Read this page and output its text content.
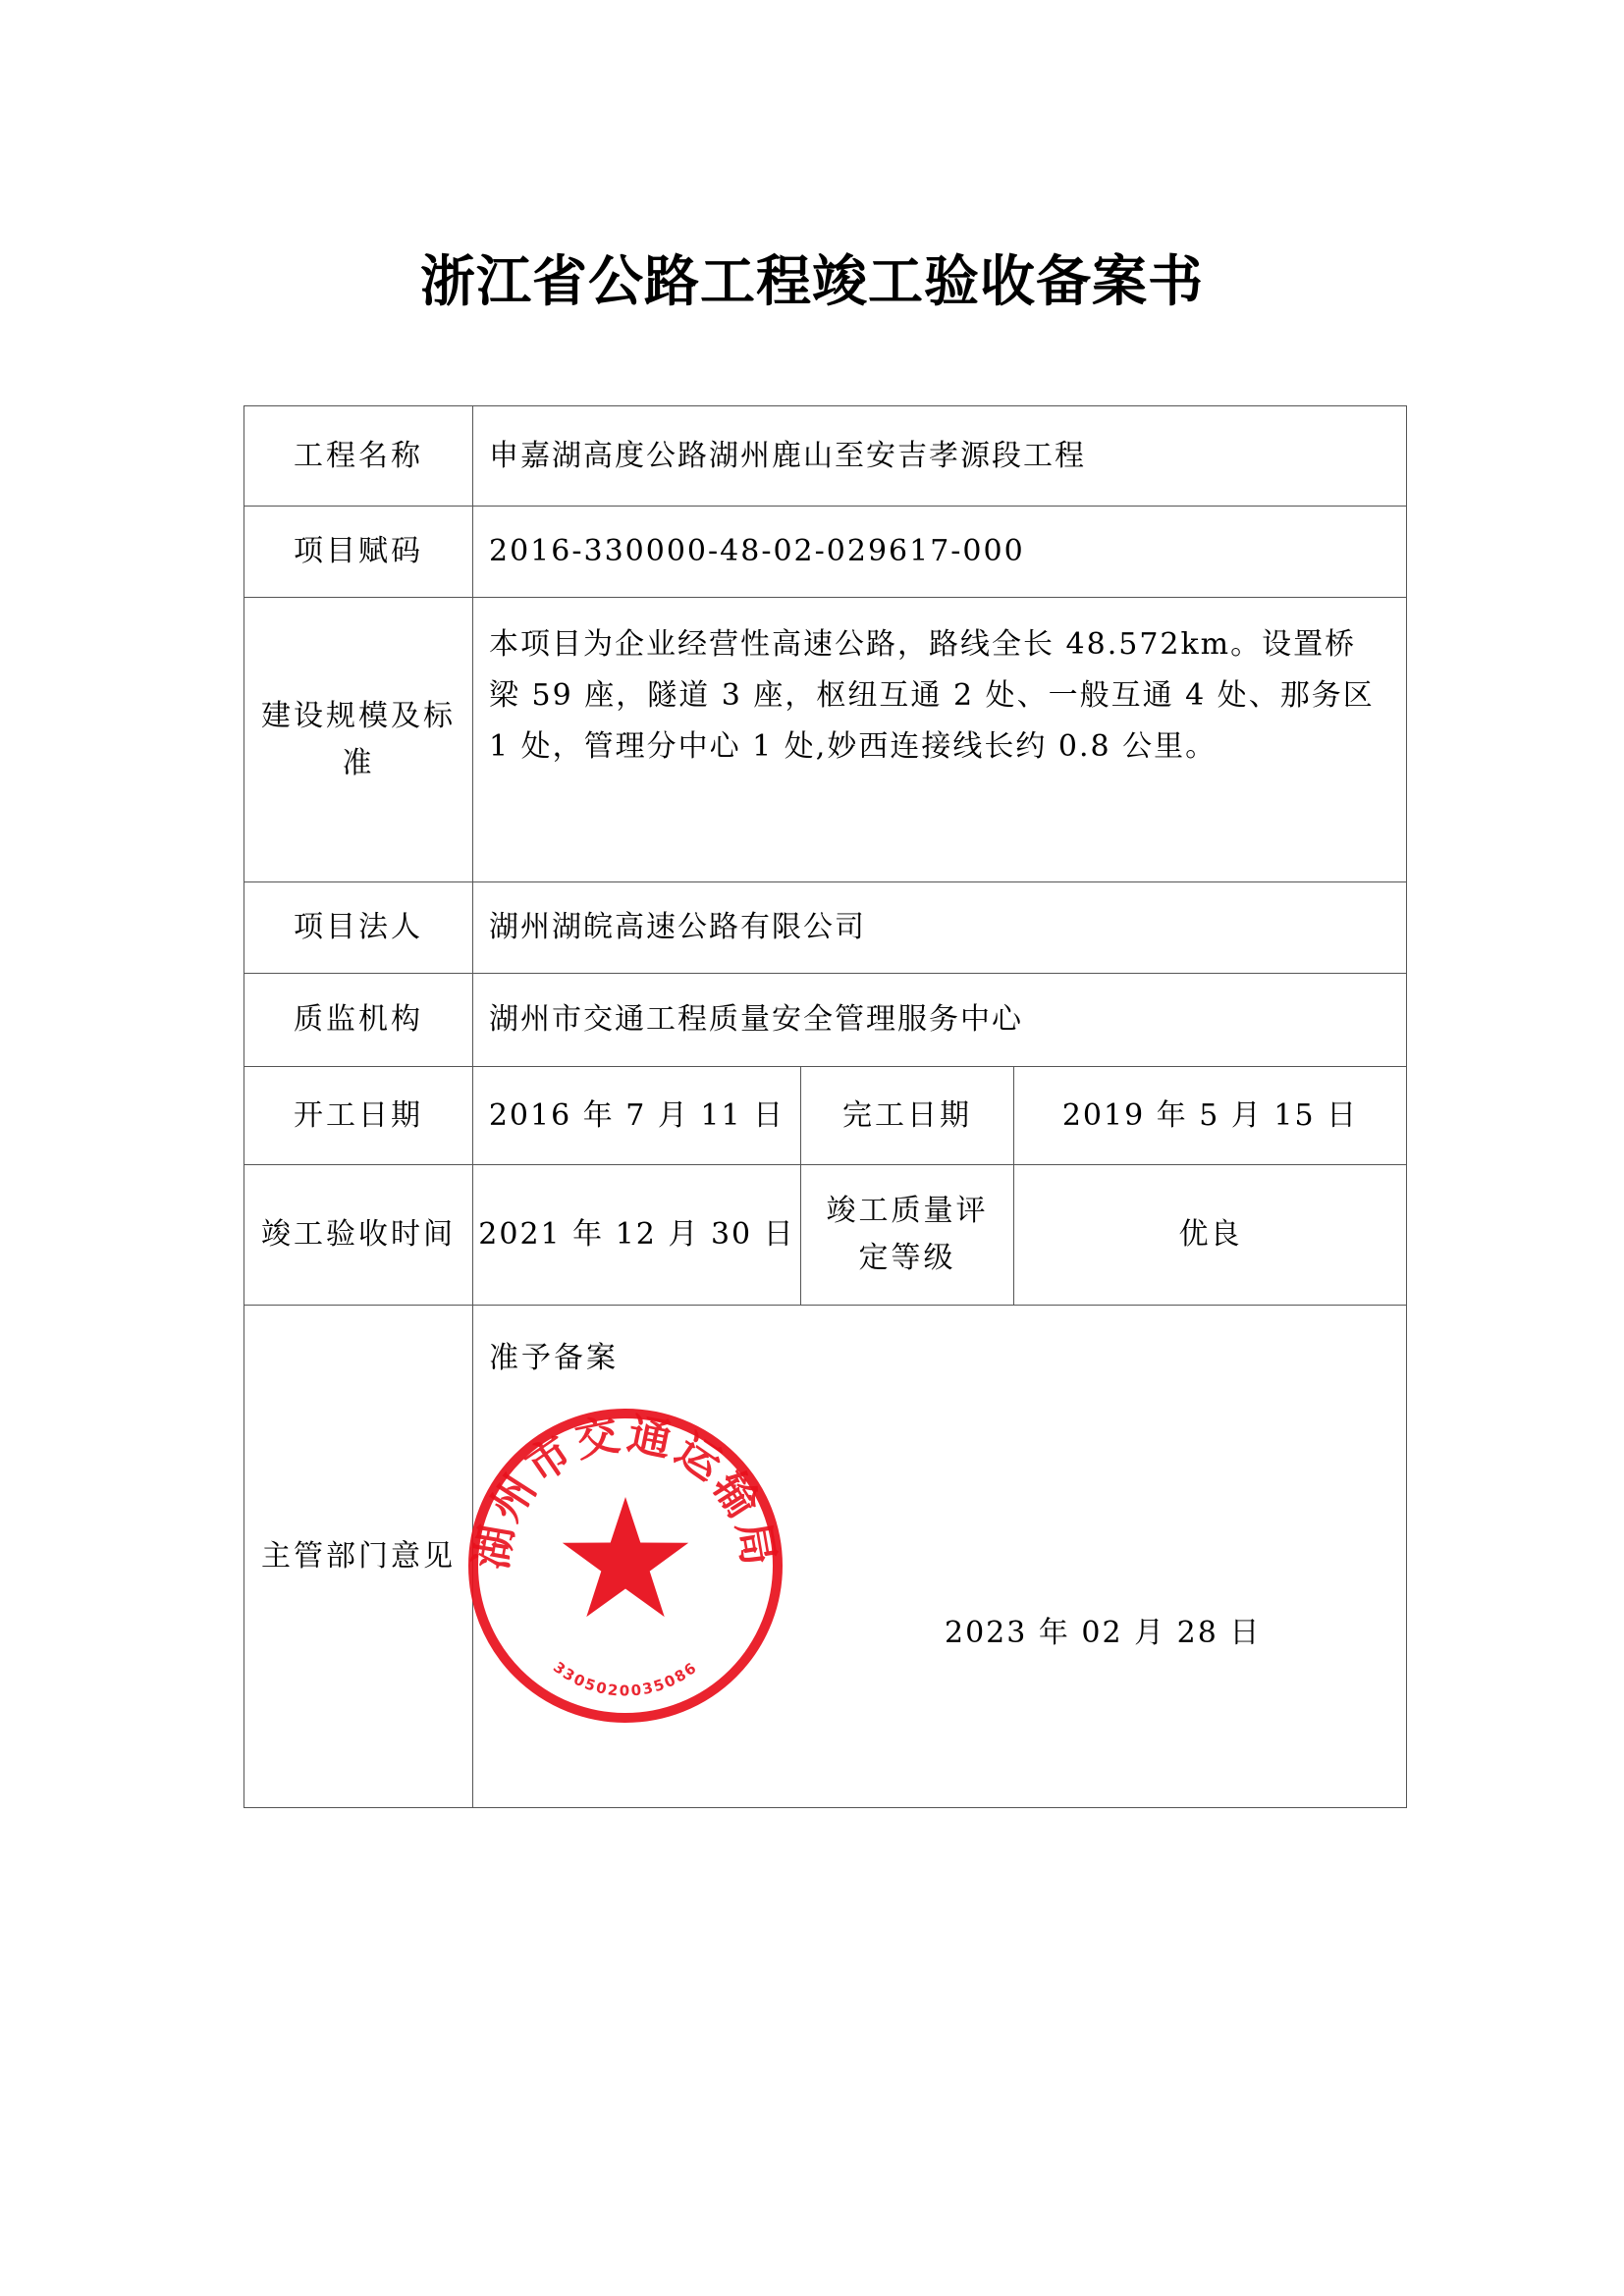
浙江省公路工程竣工验收备案书
工程名称	申嘉湖高度公路湖州鹿山至安吉孝源段工程		
项目赋码	2016-330000-48-02-029617-000		
建设规模及标准	本项目为企业经营性高速公路，路线全长 48.572km。设置桥梁 59 座，隧道 3 座，枢纽互通 2 处、一般互通 4 处、那务区 1 处，管理分中心 1 处,妙西连接线长约 0.8 公里。		
项目法人	湖州湖皖高速公路有限公司		
质监机构	湖州市交通工程质量安全管理服务中心		
开工日期	2016 年 7 月 11 日	完工日期	2019 年 5 月 15 日
竣工验收时间	2021 年 12 月 30 日	竣工质量评定等级	优良
主管部门意见	准予备案
湖州市交通运输局
3305020035086
2023 年 02 月 28 日		
